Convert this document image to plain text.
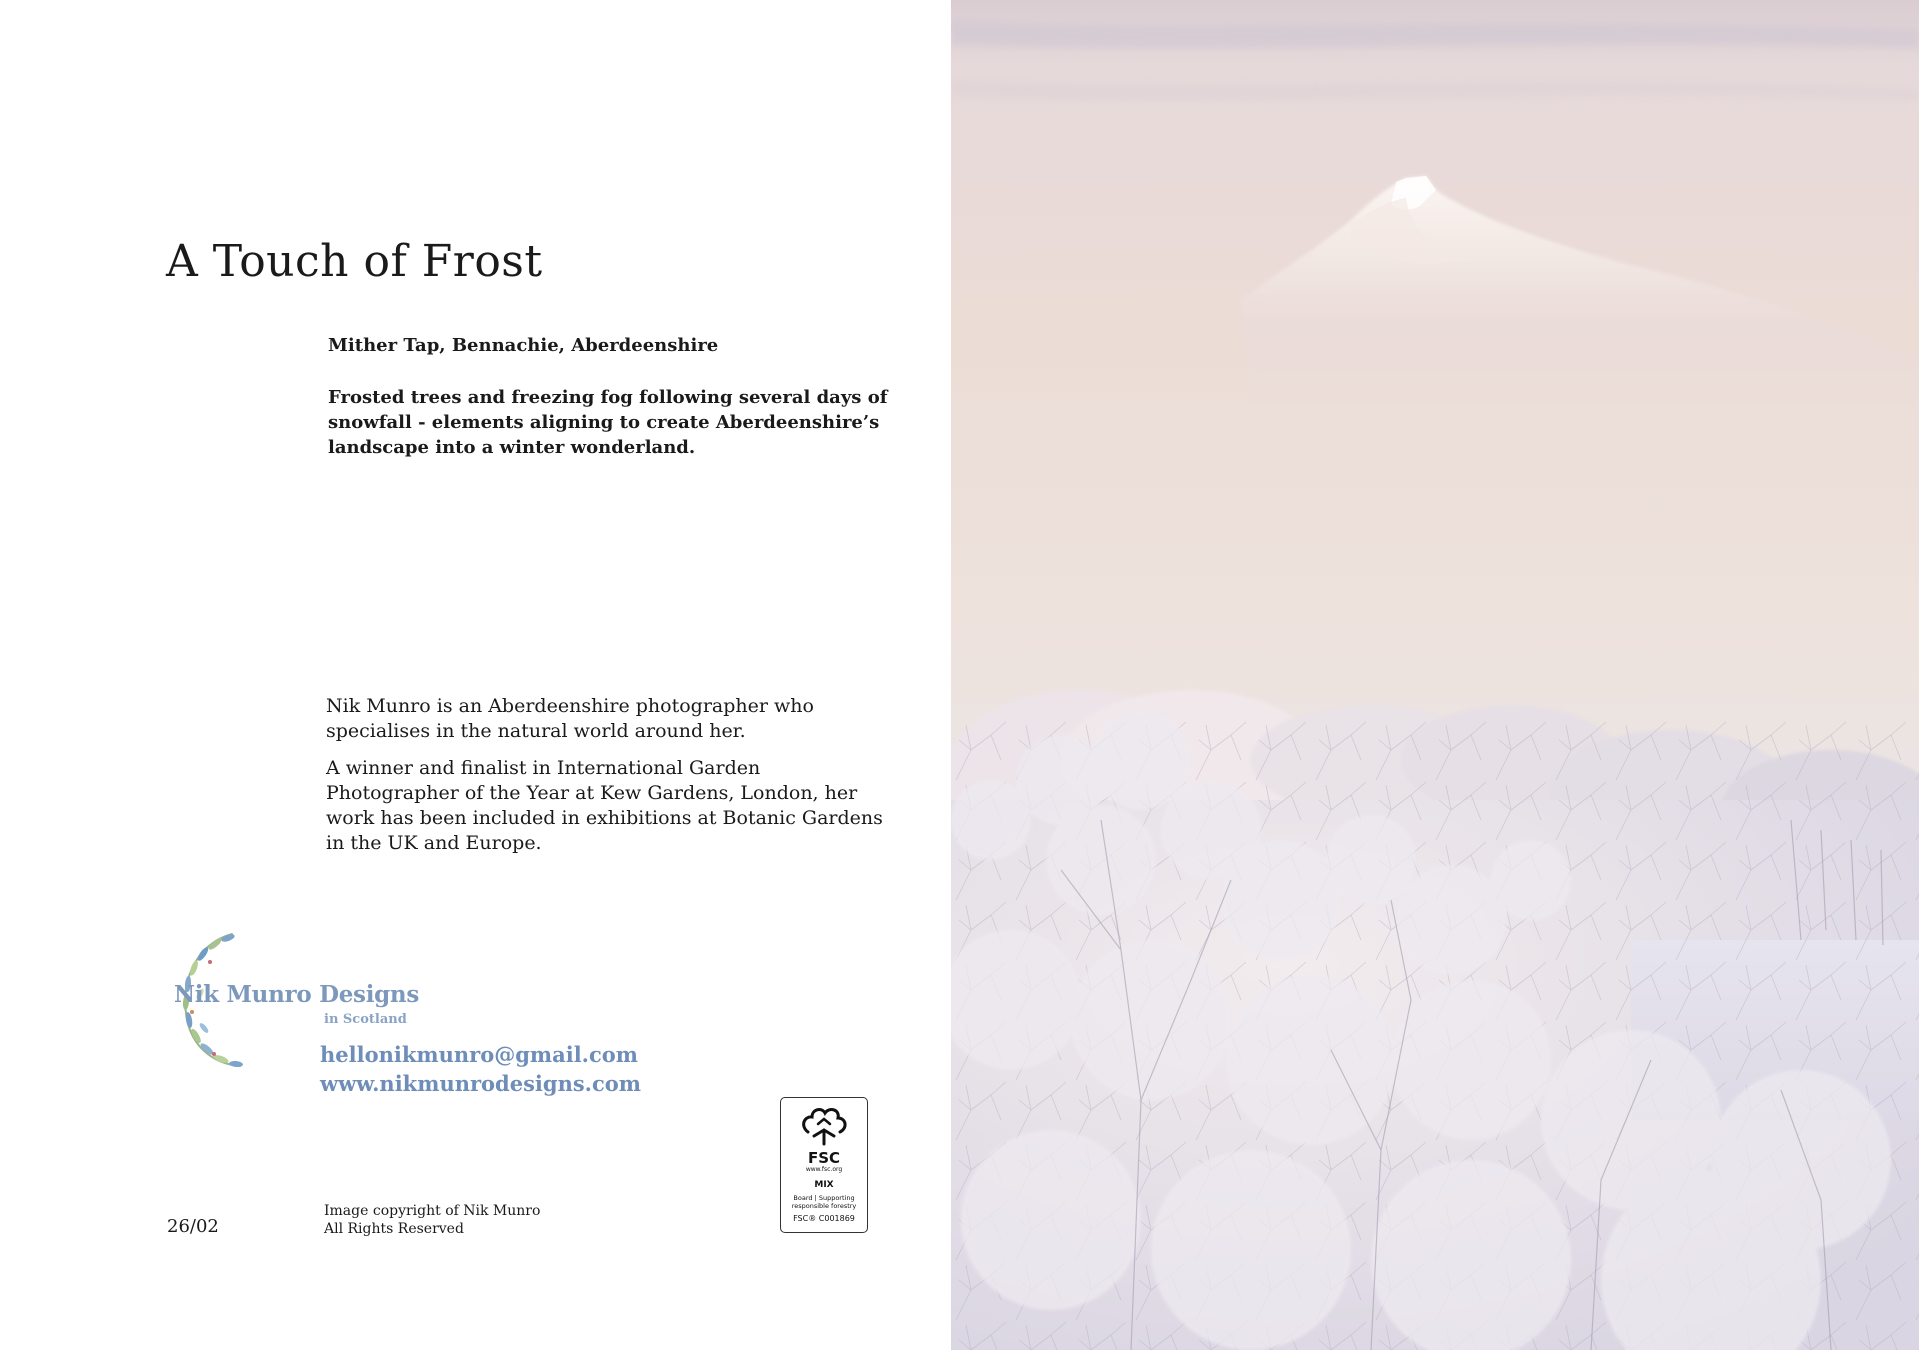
A Touch of Frost
Mither Tap, Bennachie, Aberdeenshire
Frosted trees and freezing fog following several days of snowfall - elements aligning to create Aberdeenshire’s landscape into a winter wonderland.

Nik Munro is an Aberdeenshire photographer who specialises in the natural world around her.

A winner and finalist in International Garden Photographer of the Year at Kew Gardens, London, her work has been included in exhibitions at Botanic Gardens in the UK and Europe.

Nik Munro Designs
in Scotland
hellonikmunro@gmail.com
www.nikmunrodesigns.com
FSC
www.fsc.org
MIX
Board | Supporting
responsible forestry
FSC® C001869
26/02
Image copyright of Nik Munro
All Rights Reserved
